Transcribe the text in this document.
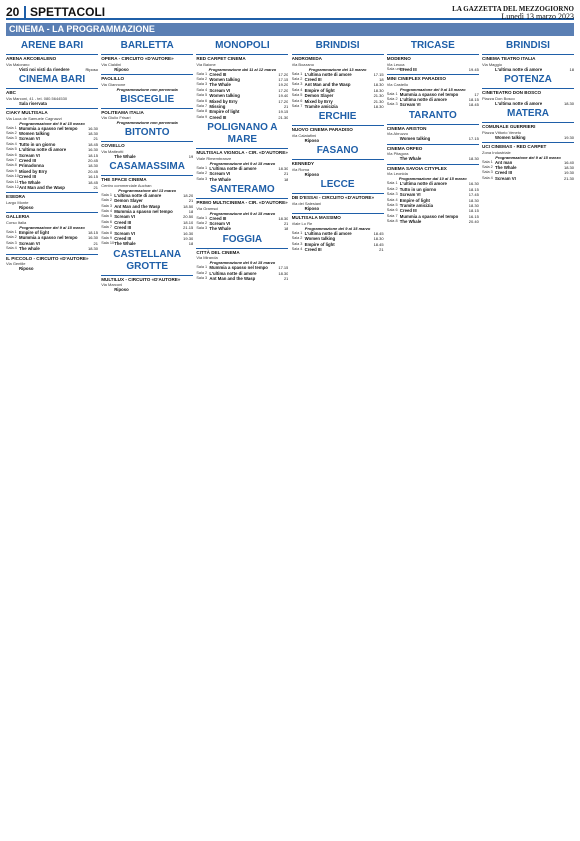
20 SPETTACOLI	LA GAZZETTA DEL MEZZOGIORNO
Lunedì 13 marzo 2023
CINEMA - LA PROGRAMMAZIONE
ARENE BARI
ARENA ARCOBALENO
Via Maiorano
Visti noi visti da rivedere	Riposo
CINEMA BARI
ABC
Via Marconi, 41 - tel. 080.5644530
Sala riservata
CIAKY MULTISALA
Via Luca de Samuele Cagnazzi
Programmazione del 9 al 15 marzo
Sala 1 Mummia a spasso nel tempo	16.30
Sala 2 Women talking	18.30
Sala 3 Scream VI	21
Sala 4 Tutto in un giorno	18.45
Sala 5 L'ultima notte di amore	16.30
Sala 6 Scream VI	18.15
Sala 7 Creed III	20.45
Sala 8 Primadonna	18.30
Sala 9 Mixed by Erry	20.45
Sala 10 Creed III	16.15
Sala 11 The Whale	18.45
Sala 12 Ant Man and the Wasp	21
ESEDRA
Largo Monte
Riposo
GALLERIA
Corso Italia
Programmazione del 9 al 15 marzo
Sala 1 Empire of light	18.15
Sala 2 Mummia a spasso nel tempo	16.30
Sala 3 Scream VI	21
Sala 4 The whale	18.30
IL PICCOLO - CIRCUITO «D'AUTORE»
Via Gentile
Riposo
BARLETTA
OPERA - CIRCUITO «D'AUTORE»
Via Cialdini
Riposo
PAOLILLO
Via Giannone
Programmazione non pervenuta
BISCEGLIE
POLITEAMA ITALIA
Via Giulio Frisari
Programmazione non pervenuta
BITONTO
COVIELLO
Via Matteotti
The Whale	19
CASAMASSIMA
THE SPACE CINEMA
Centro commerciale Auchan
Programmazione del 13 marzo
Sala 1 L'ultima notte di amore	18.20
Sala 2 Demon Slayer	21
Sala 3 Ant Man and the Wasp	18.50
Sala 4 Mummia a spasso nel tempo	18
Sala 5 Scream VI	20.50
Sala 6 Creed III	18.10
Sala 7 Creed III	21.15
Sala 8 Scream VI	16.30
Sala 9 Creed III	19.30
Sala 10 The Whale	18
CASTELLANA GROTTE
MULTILUX - CIRCUITO «D'AUTORE»
Via Marconi
Riposo
MONOPOLI
RED CARPET CINEMA
Via Baione
Programmazione dal 11 al 12 marzo
Sala 1 Creed III	17.20
Sala 2 Women talking	17.15
Sala 3 The Whale	19.20
Sala 4 Scream VI	17.20
Sala 5 Women talking	19.40
Sala 6 Mixed by Erry	17.20
Sala 7 Missing	21
Sala 8 Empire of light	19.15
Sala 9 Creed III	21.30
POLIGNANO A MARE
MULTISALA VIGNOLA - CIR. «D'AUTORE»
Viale Rimembranze
Programmazione del 9 al 15 marzo
Sala 1 L'ultima notte di amore	18.30
Sala 2 Scream VI	21
Sala 3 The Whale	18
SANTERAMO
PRIMO MULTICINEMA - CIR. «D'AUTORE»
Via Gramsci
Programmazione del 9 al 15 marzo
Sala 1 Creed III	18.30
Sala 2 Scream VI	21
Sala 3 The Whale	18
FOGGIA
CITTÀ DEL CINEMA
Via Miranda
Programmazione del 9 al 15 marzo
Sala 1 Mummia a spasso nel tempo	17.15
Sala 2 L'ultima notte di amore	18.30
Sala 3 Ant Man and the Wasp	21
BRINDISI
ANDROMEDA
Via Bozzano
Programmazione del 13 marzo
Sala 1 L'ultima notte di amore	17.15
Sala 2 Creed III	18
Sala 3 Ant Man and the Wasp	18.30
Sala 4 Empire of light	18.30
Sala 5 Demon Slayer	21.30
Sala 6 Mixed by Erry	21.30
Sala 7 Tramite amicizia	18.30
ERCHIE
NUOVO CINEMA PARADISO
Via Calatafimi
Riposo
FASANO
KENNEDY
Via Roma
Riposo
LECCE
DB D'ESSAI - CIRCUITO «D'AUTORE»
Via dei Salesiani
Riposo
MULTISALA MASSIMO
Viale Lo Re
Programmazione del 9 al 15 marzo
Sala 1 L'ultima notte di amore	18.45
Sala 2 Women talking	18.30
Sala 3 Empire of light	18.45
Sala 4 Creed III	21
TRICASE
MODERNO
Via Leuca
Sala unica
Creed III	19.45
MINI CINEPLEX PARADISO
Via Castello
Programmazione del 9 al 15 marzo
Sala 1 Mummia a spasso nel tempo	17
Sala 2 L'ultima notte di amore	18.15
Sala 3 Scream VI	18.45
TARANTO
CINEMA ARISTON
Via Abruzzo
Women talking	17.15
CINEMA ORFEO
Via Pitagora
The Whale	18.30
CINEMA SAVOIA CITYPLEX
Via Leonida
Programmazione dal 10 al 15 marzo
Sala 1 L'ultima notte di amore	16.30
Sala 2 Tutto in un giorno	18.15
Sala 3 Scream VI	17.45
Sala 4 Empire of light	18.30
Sala 5 Tramite amicizia	18.30
Sala 6 Creed III	18.15
Sala 7 Mummia a spasso nel tempo	16.15
Sala 8 The Whale	20.40
BRINDISI
CINEMA TEATRO ITALIA
Via Maggio
L'ultima notte di amore	18
POTENZA
CINETEATRO DON BOSCO
Piazza Don Bosco
L'ultima notte di amore	18.30
MATERA
COMUNALE GUERRIERI
Piazza Vittorio Veneto
Women talking	19.30
UCI CINEMAS - RED CARPET
Zona Industriale
Programmazione del 9 al 15 marzo
Sala 1 Ant man	16.40
Sala 2 The Whale	18.30
Sala 3 Creed III	19.30
Sala 4 Scream VI	21.30
